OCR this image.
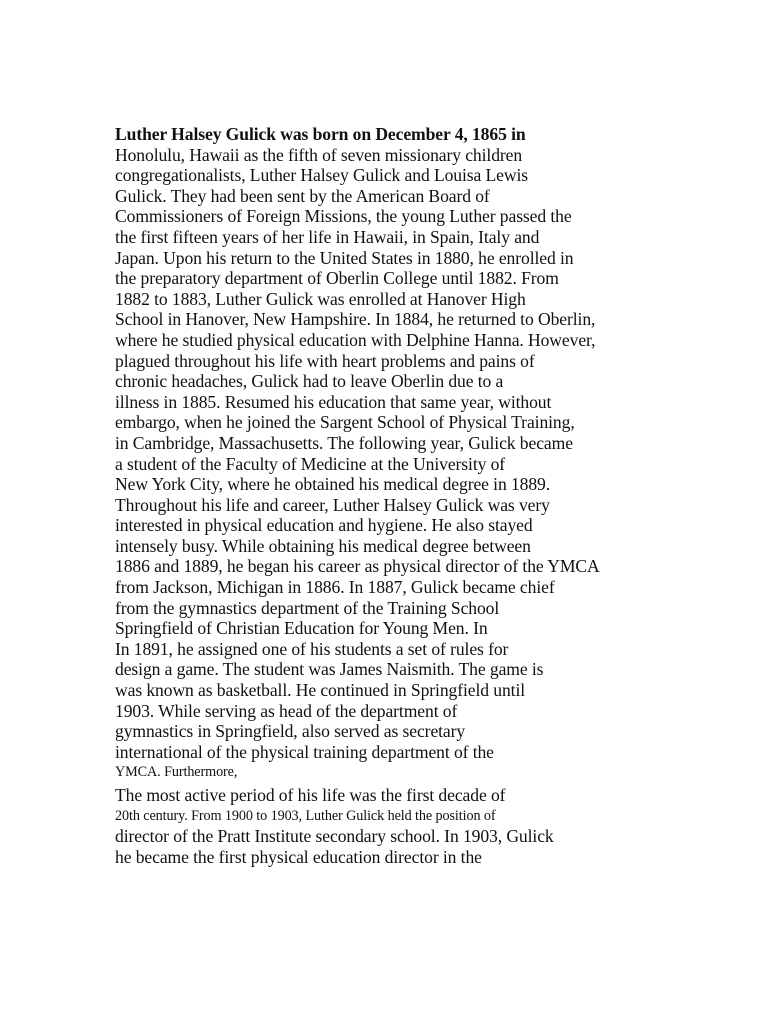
Luther Halsey Gulick was born on December 4, 1865 in
Honolulu, Hawaii as the fifth of seven missionary children
congregationalists, Luther Halsey Gulick and Louisa Lewis
Gulick. They had been sent by the American Board of
Commissioners of Foreign Missions, the young Luther passed the
the first fifteen years of her life in Hawaii, in Spain, Italy and
Japan. Upon his return to the United States in 1880, he enrolled in
the preparatory department of Oberlin College until 1882. From
1882 to 1883, Luther Gulick was enrolled at Hanover High
School in Hanover, New Hampshire. In 1884, he returned to Oberlin,
where he studied physical education with Delphine Hanna. However,
plagued throughout his life with heart problems and pains of
chronic headaches, Gulick had to leave Oberlin due to a
illness in 1885. Resumed his education that same year, without
embargo, when he joined the Sargent School of Physical Training,
in Cambridge, Massachusetts. The following year, Gulick became
a student of the Faculty of Medicine at the University of
New York City, where he obtained his medical degree in 1889.
Throughout his life and career, Luther Halsey Gulick was very
interested in physical education and hygiene. He also stayed
intensely busy. While obtaining his medical degree between
1886 and 1889, he began his career as physical director of the YMCA
from Jackson, Michigan in 1886. In 1887, Gulick became chief
from the gymnastics department of the Training School
Springfield of Christian Education for Young Men. In
In 1891, he assigned one of his students a set of rules for
design a game. The student was James Naismith. The game is
was known as basketball. He continued in Springfield until
1903. While serving as head of the department of
gymnastics in Springfield, also served as secretary
international of the physical training department of the
YMCA. Furthermore,
The most active period of his life was the first decade of
20th century. From 1900 to 1903, Luther Gulick held the position of
director of the Pratt Institute secondary school. In 1903, Gulick
he became the first physical education director in the
